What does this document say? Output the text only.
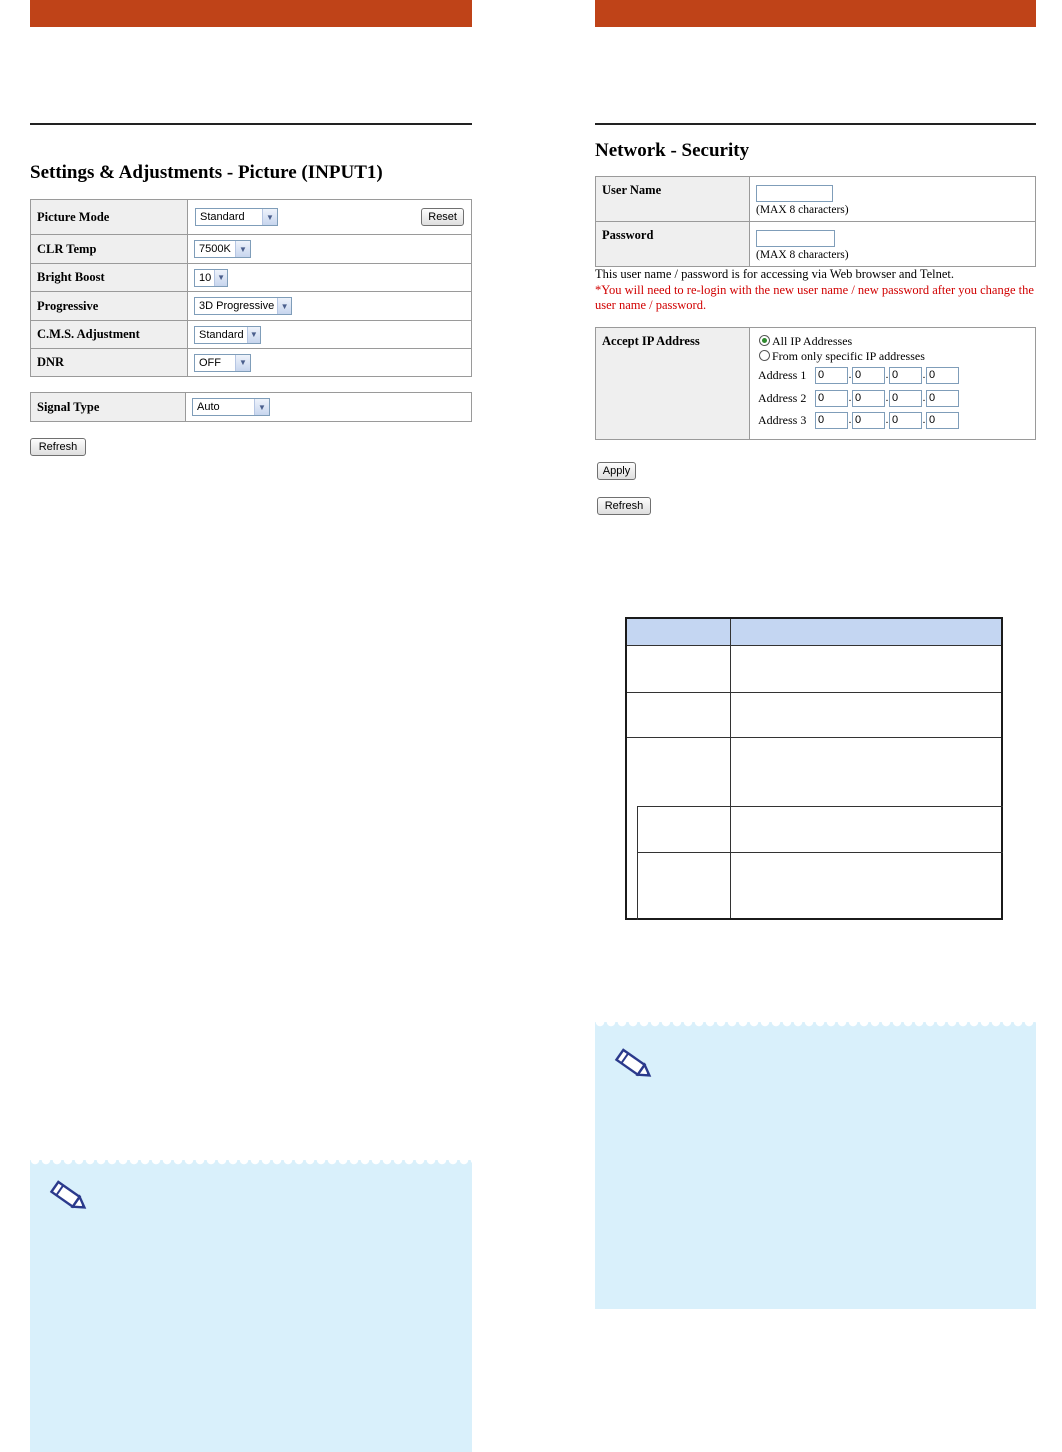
Settings & Adjustments - Picture (INPUT1)
Picture Mode	Standard ▼ Reset

CLR Temp	7500K ▼

Bright Boost	10 ▼

Progressive	3D Progressive ▼

C.M.S. Adjustment	Standard ▼

DNR	OFF ▼
Signal Type	Auto	▼
Refresh
Network - Security
User Name	(MAX 8 characters)
Password	(MAX 8 characters)
This user name / password is for accessing via Web browser and Telnet.
*You will need to re-login with the new user name / new password after you change the
user name / password.
Accept IP Address	All IP Addresses
From only specific IP addresses
Address 1	0	. 0	. 0	. 0
Address 2	0	. 0	. 0	. 0
Address 3	0	. 0	. 0	. 0
Apply
Refresh
